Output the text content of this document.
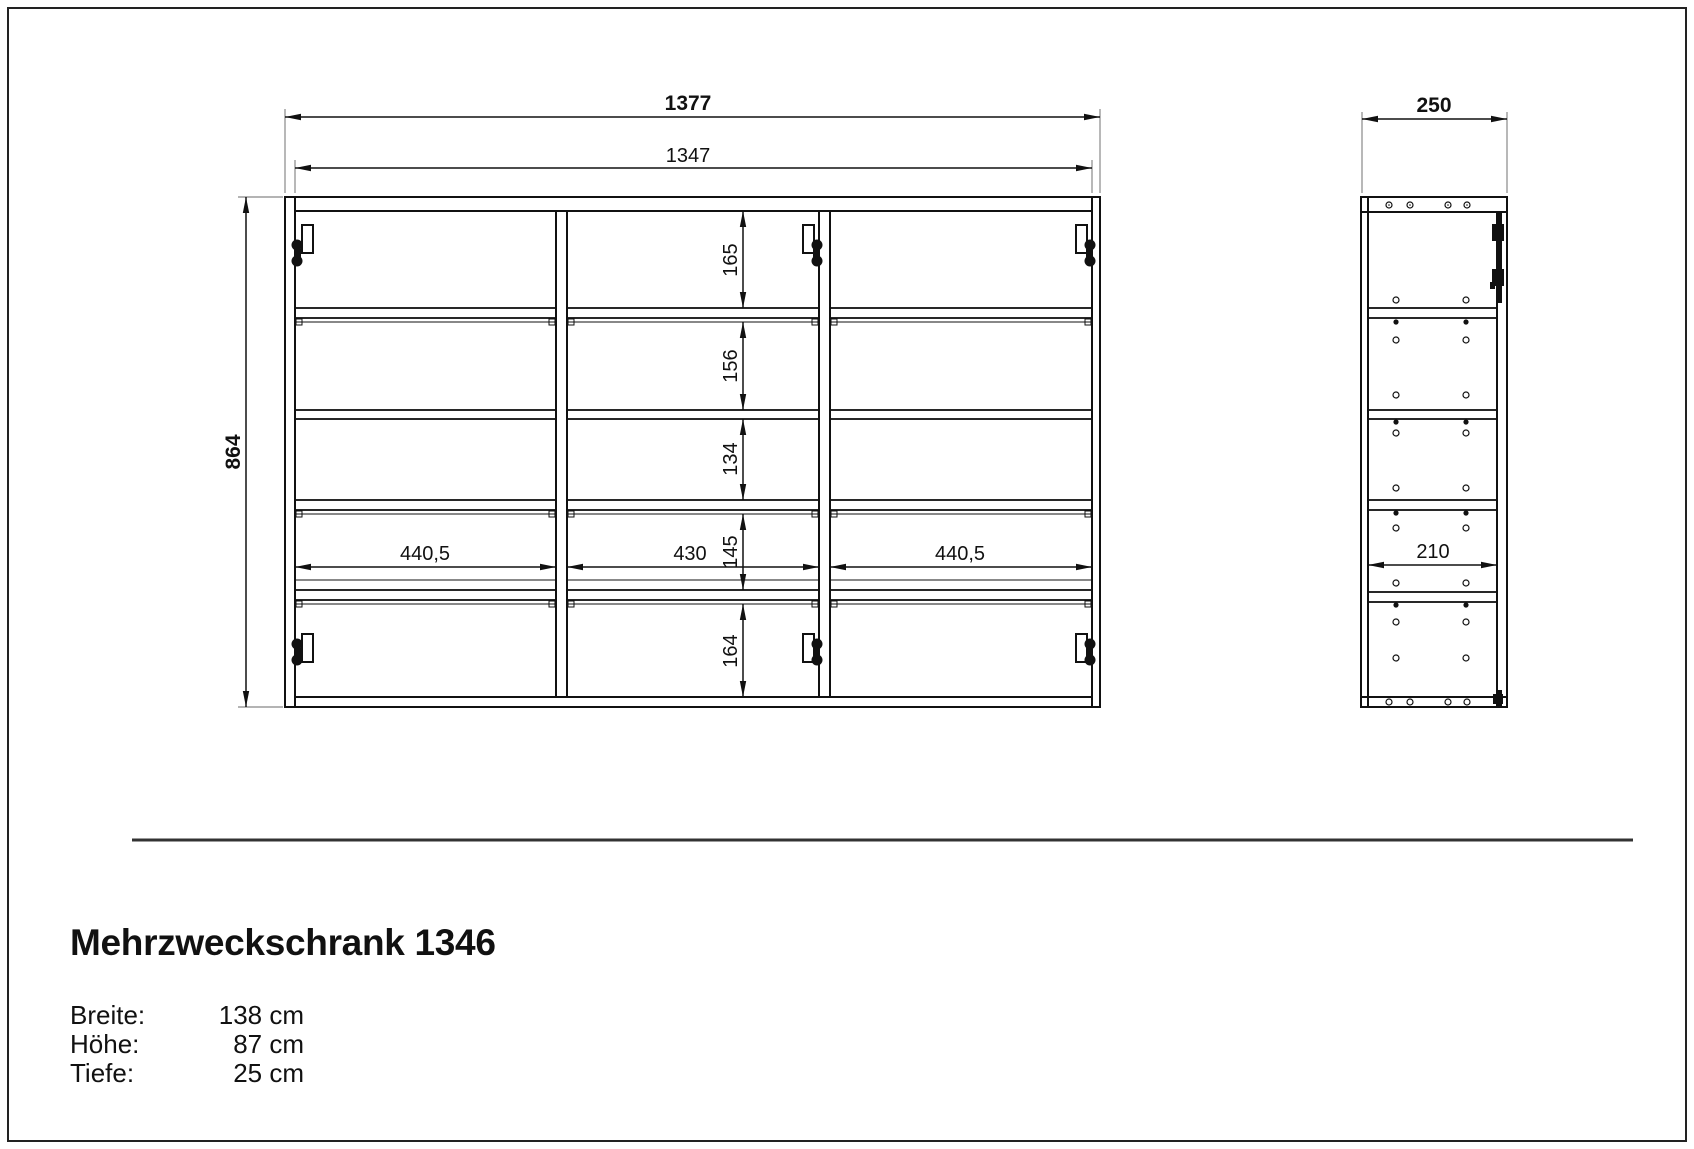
1377
1347
864
440,5	430	440,5
165
156
134
145
164
250
210
Mehrzweckschrank 1346
Breite:	138 cm
Höhe:	87 cm
Tiefe:	25 cm
